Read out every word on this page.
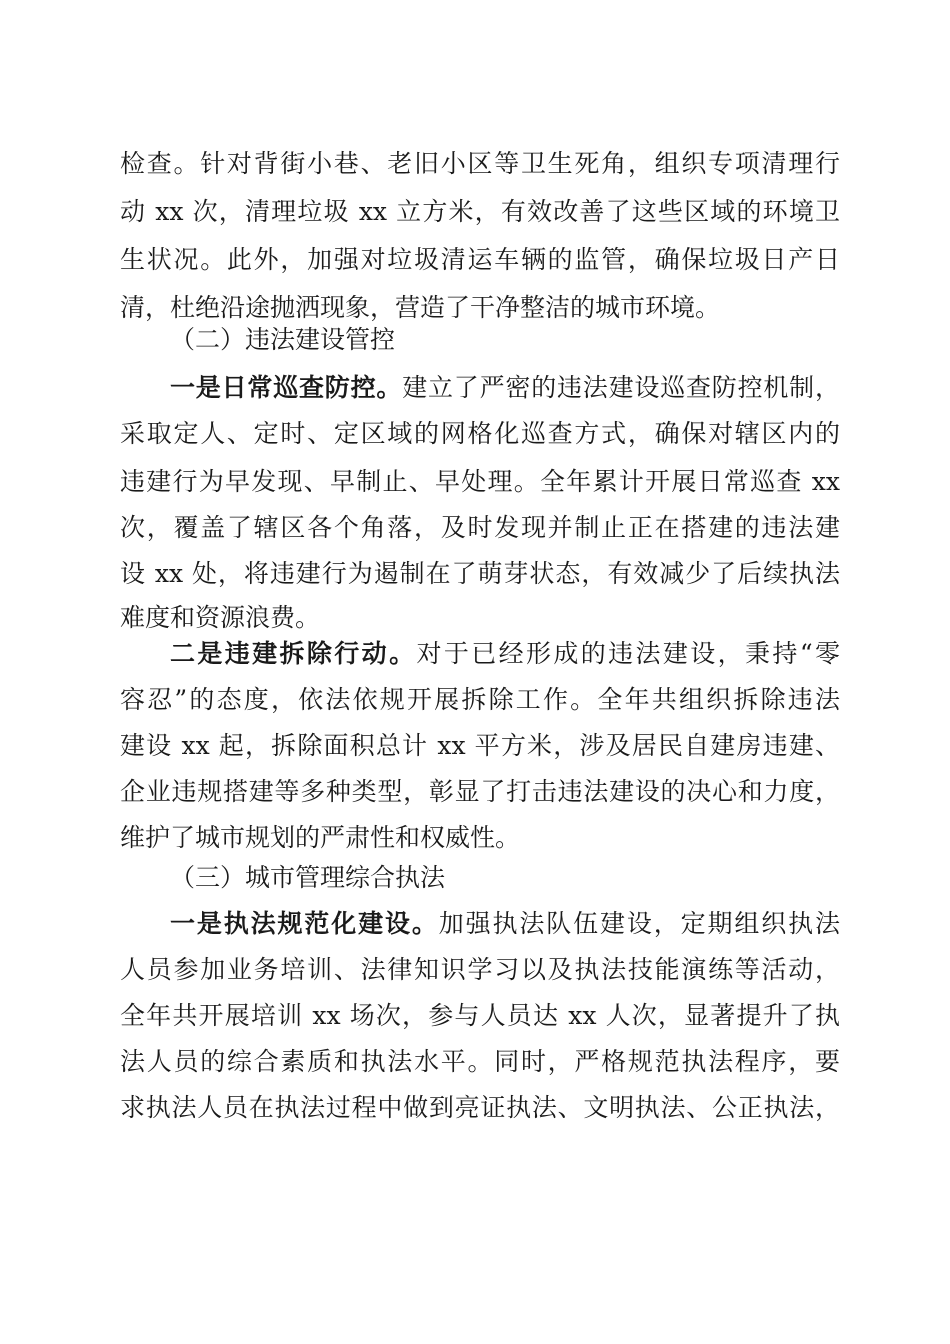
检查。针对背街小巷、老旧小区等卫生死角，组织专项清理行
动 xx 次，清理垃圾 xx 立方米，有效改善了这些区域的环境卫
生状况。此外，加强对垃圾清运车辆的监管，确保垃圾日产日
清，杜绝沿途抛洒现象，营造了干净整洁的城市环境。
（二）违法建设管控
一是日常巡查防控。建立了严密的违法建设巡查防控机制，
采取定人、定时、定区域的网格化巡查方式，确保对辖区内的
违建行为早发现、早制止、早处理。全年累计开展日常巡查 xx
次，覆盖了辖区各个角落，及时发现并制止正在搭建的违法建
设 xx 处，将违建行为遏制在了萌芽状态，有效减少了后续执法
难度和资源浪费。
二是违建拆除行动。对于已经形成的违法建设，秉持“零
容忍”的态度，依法依规开展拆除工作。全年共组织拆除违法
建设 xx 起，拆除面积总计 xx 平方米，涉及居民自建房违建、
企业违规搭建等多种类型，彰显了打击违法建设的决心和力度，
维护了城市规划的严肃性和权威性。
（三）城市管理综合执法
一是执法规范化建设。加强执法队伍建设，定期组织执法
人员参加业务培训、法律知识学习以及执法技能演练等活动，
全年共开展培训 xx 场次，参与人员达 xx 人次，显著提升了执
法人员的综合素质和执法水平。同时，严格规范执法程序，要
求执法人员在执法过程中做到亮证执法、文明执法、公正执法，
